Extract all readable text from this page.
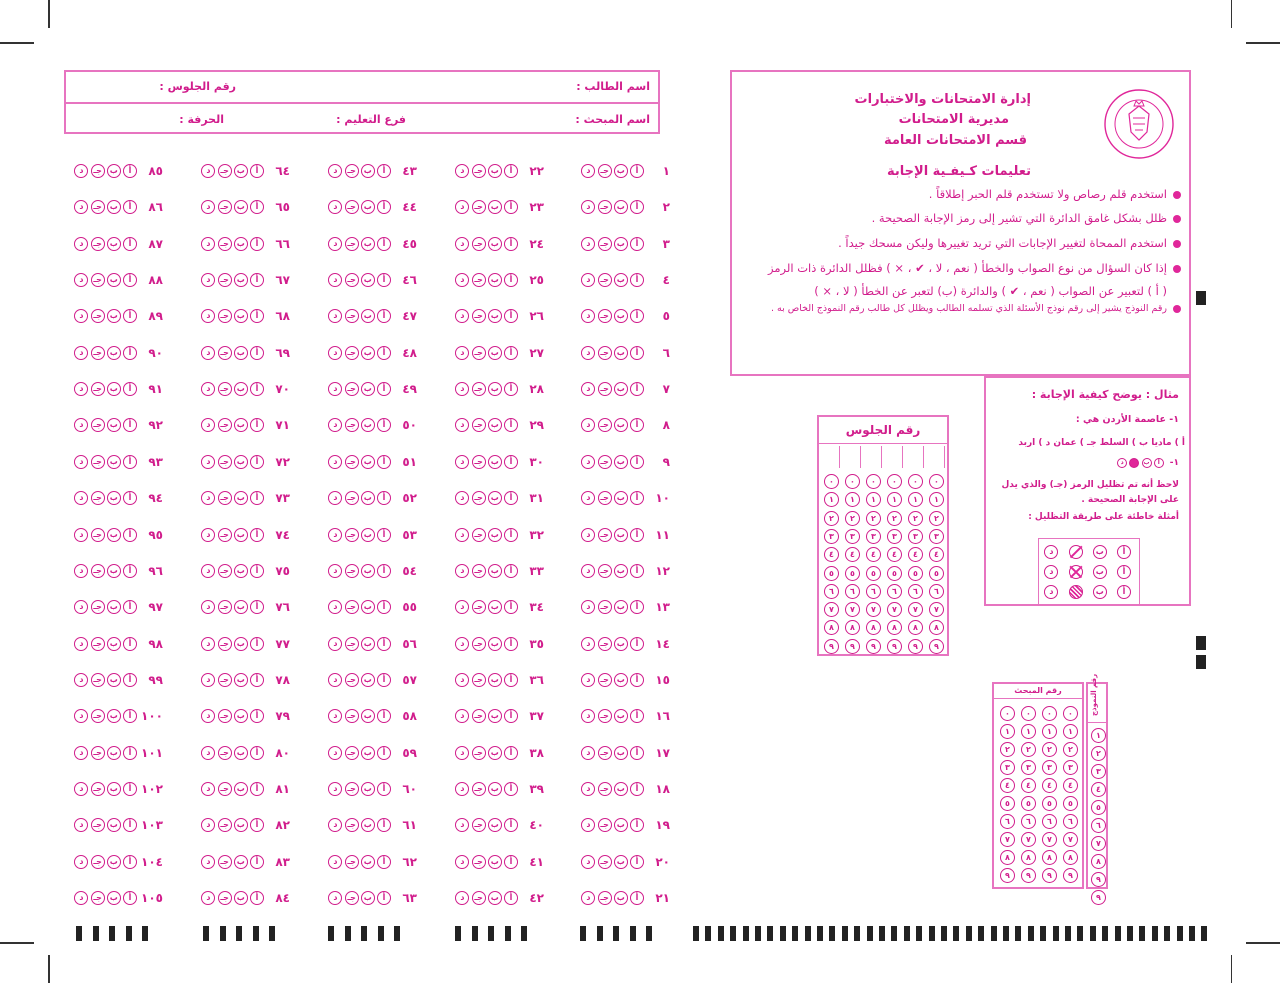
اسم الطالب :
رقم الجلوس :
اسم المبحث :
فرع التعليم :
الحرفة :
إدارة الامتحانات والاختبارات
مديرية الامتحانات
قسم الامتحانات العامة
تعليمات كـيفـية الإجابة
استخدم قلم رصاص ولا تستخدم قلم الحبر إطلاقاً .
ظلل بشكل غامق الدائرة التي تشير إلى رمز الإجابة الصحيحة .
استخدم الممحاة لتغيير الإجابات التي تريد تغييرها وليكن مسحك جيداً .
إذا كان السؤال من نوع الصواب والخطأ ( نعم ، لا ، ✔ ، × ) فظلل الدائرة ذات الرمز
( أ ) لتعبير عن الصواب ( نعم ، ✔ ) والدائرة (ب) لتعبر عن الخطأ ( لا ، × )
رقم النوذج يشير إلى رقم نوذج الأسئلة الذي تسلمه الطالب ويظلل كل طالب رقم النموذج الخاص به .
مثال : يوضح كيفية الإجابة :
١- عاصمة الأردن هي :
أ ) ماديا ب ) السلط جـ ) عمان د ) اربد
١-
أ
ب
د
لاحظ أنه تم تظليل الرمز (جـ) والذي يدل على الإجابة الصحيحة .
أمثلة خاطئة على طريقة التظليل :
أ
ب
د
أ
ب
د
أ
ب
د
رقم الجلوس
٠
١
٢
٣
٤
٥
٦
٧
٨
٩
٠
١
٢
٣
٤
٥
٦
٧
٨
٩
٠
١
٢
٣
٤
٥
٦
٧
٨
٩
٠
١
٢
٣
٤
٥
٦
٧
٨
٩
٠
١
٢
٣
٤
٥
٦
٧
٨
٩
٠
١
٢
٣
٤
٥
٦
٧
٨
٩
رقم المبحث
٠
١
٢
٣
٤
٥
٦
٧
٨
٩
٠
١
٢
٣
٤
٥
٦
٧
٨
٩
٠
١
٢
٣
٤
٥
٦
٧
٨
٩
٠
١
٢
٣
٤
٥
٦
٧
٨
٩
رقم النموذج
١
٢
٣
٤
٥
٦
٧
٨
٩
٩
١
أ
ب
جـ
د
٢
أ
ب
جـ
د
٣
أ
ب
جـ
د
٤
أ
ب
جـ
د
٥
أ
ب
جـ
د
٦
أ
ب
جـ
د
٧
أ
ب
جـ
د
٨
أ
ب
جـ
د
٩
أ
ب
جـ
د
١٠
أ
ب
جـ
د
١١
أ
ب
جـ
د
١٢
أ
ب
جـ
د
١٣
أ
ب
جـ
د
١٤
أ
ب
جـ
د
١٥
أ
ب
جـ
د
١٦
أ
ب
جـ
د
١٧
أ
ب
جـ
د
١٨
أ
ب
جـ
د
١٩
أ
ب
جـ
د
٢٠
أ
ب
جـ
د
٢١
أ
ب
جـ
د
٢٢
أ
ب
جـ
د
٢٣
أ
ب
جـ
د
٢٤
أ
ب
جـ
د
٢٥
أ
ب
جـ
د
٢٦
أ
ب
جـ
د
٢٧
أ
ب
جـ
د
٢٨
أ
ب
جـ
د
٢٩
أ
ب
جـ
د
٣٠
أ
ب
جـ
د
٣١
أ
ب
جـ
د
٣٢
أ
ب
جـ
د
٣٣
أ
ب
جـ
د
٣٤
أ
ب
جـ
د
٣٥
أ
ب
جـ
د
٣٦
أ
ب
جـ
د
٣٧
أ
ب
جـ
د
٣٨
أ
ب
جـ
د
٣٩
أ
ب
جـ
د
٤٠
أ
ب
جـ
د
٤١
أ
ب
جـ
د
٤٢
أ
ب
جـ
د
٤٣
أ
ب
جـ
د
٤٤
أ
ب
جـ
د
٤٥
أ
ب
جـ
د
٤٦
أ
ب
جـ
د
٤٧
أ
ب
جـ
د
٤٨
أ
ب
جـ
د
٤٩
أ
ب
جـ
د
٥٠
أ
ب
جـ
د
٥١
أ
ب
جـ
د
٥٢
أ
ب
جـ
د
٥٣
أ
ب
جـ
د
٥٤
أ
ب
جـ
د
٥٥
أ
ب
جـ
د
٥٦
أ
ب
جـ
د
٥٧
أ
ب
جـ
د
٥٨
أ
ب
جـ
د
٥٩
أ
ب
جـ
د
٦٠
أ
ب
جـ
د
٦١
أ
ب
جـ
د
٦٢
أ
ب
جـ
د
٦٣
أ
ب
جـ
د
٦٤
أ
ب
جـ
د
٦٥
أ
ب
جـ
د
٦٦
أ
ب
جـ
د
٦٧
أ
ب
جـ
د
٦٨
أ
ب
جـ
د
٦٩
أ
ب
جـ
د
٧٠
أ
ب
جـ
د
٧١
أ
ب
جـ
د
٧٢
أ
ب
جـ
د
٧٣
أ
ب
جـ
د
٧٤
أ
ب
جـ
د
٧٥
أ
ب
جـ
د
٧٦
أ
ب
جـ
د
٧٧
أ
ب
جـ
د
٧٨
أ
ب
جـ
د
٧٩
أ
ب
جـ
د
٨٠
أ
ب
جـ
د
٨١
أ
ب
جـ
د
٨٢
أ
ب
جـ
د
٨٣
أ
ب
جـ
د
٨٤
أ
ب
جـ
د
٨٥
أ
ب
جـ
د
٨٦
أ
ب
جـ
د
٨٧
أ
ب
جـ
د
٨٨
أ
ب
جـ
د
٨٩
أ
ب
جـ
د
٩٠
أ
ب
جـ
د
٩١
أ
ب
جـ
د
٩٢
أ
ب
جـ
د
٩٣
أ
ب
جـ
د
٩٤
أ
ب
جـ
د
٩٥
أ
ب
جـ
د
٩٦
أ
ب
جـ
د
٩٧
أ
ب
جـ
د
٩٨
أ
ب
جـ
د
٩٩
أ
ب
جـ
د
١٠٠
أ
ب
جـ
د
١٠١
أ
ب
جـ
د
١٠٢
أ
ب
جـ
د
١٠٣
أ
ب
جـ
د
١٠٤
أ
ب
جـ
د
١٠٥
أ
ب
جـ
د
